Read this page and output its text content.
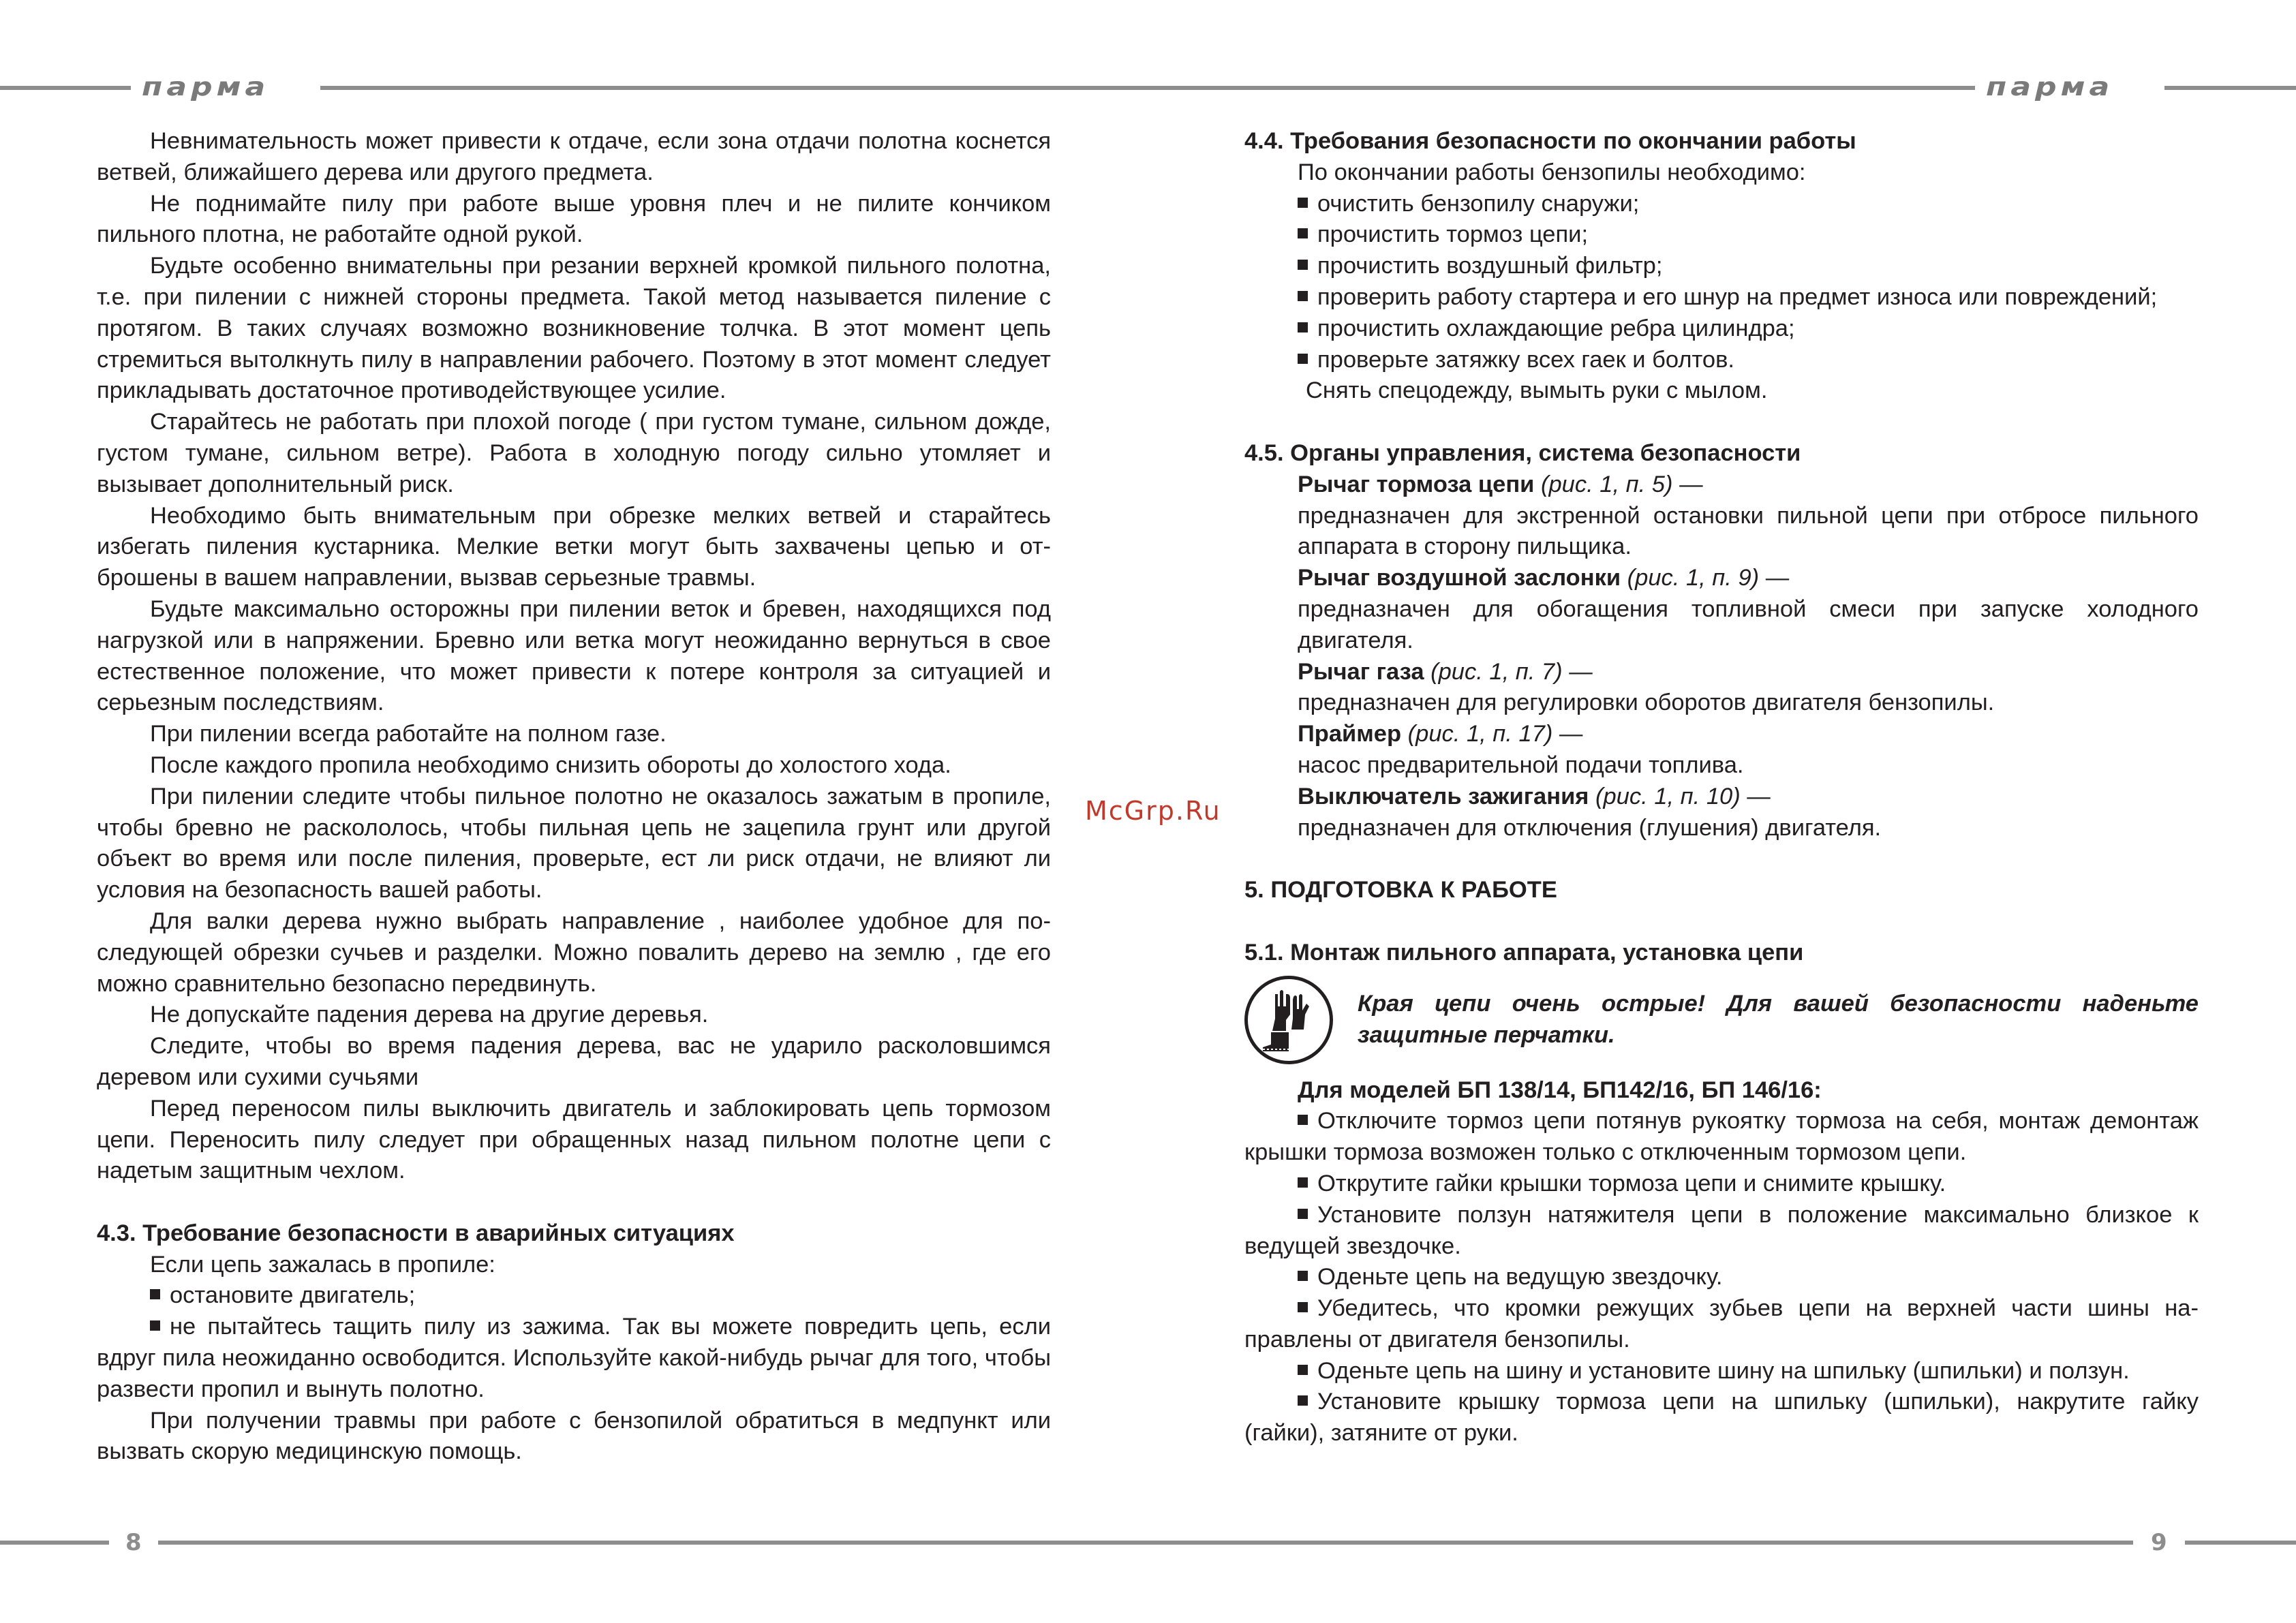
парма	парма
8	9
McGrp.Ru

Невнимательность может привести к отдаче, если зона отдачи полотна коснется ветвей, ближайшего дерева или другого предмета.

Не поднимайте пилу при работе выше уровня плеч и не пилите кончиком пильного плотна, не работайте одной рукой.

Будьте особенно внимательны при резании верхней кромкой пильного полотна, т.е. при пилении с нижней стороны предмета. Такой метод называется пиление с протягом. В таких случаях возможно возникновение толчка. В этот момент цепь стремиться вытолкнуть пилу в направлении рабочего. Поэтому в этот момент следует прикладывать достаточное противодействующее усилие.

Старайтесь не работать при плохой погоде ( при густом тумане, сильном дожде, густом тумане, сильном ветре). Работа в холодную погоду сильно утомляет и вызывает дополнительный риск.

Необходимо быть внимательным при обрезке мелких ветвей и старайтесь избегать пиления кустарника. Мелкие ветки могут быть захвачены цепью и отброшены в вашем направлении, вызвав серьезные травмы.

Будьте максимально осторожны при пилении веток и бревен, находящихся под нагрузкой или в напряжении. Бревно или ветка могут неожиданно вернуться в свое естественное положение, что может привести к потере контроля за ситуацией и серьезным последствиям.

При пилении всегда работайте на полном газе.

После каждого пропила необходимо снизить обороты до холостого хода.

При пилении следите чтобы пильное полотно не оказалось зажатым в пропиле, чтобы бревно не раскололось, чтобы пильная цепь не зацепила грунт или другой объект во время или после пиления, проверьте, ест ли риск отдачи, не влияют ли условия на безопасность вашей работы.

Для валки дерева нужно выбрать направление , наиболее удобное для последующей обрезки сучьев и разделки. Можно повалить дерево на землю , где его можно сравнительно безопасно передвинуть.

Не допускайте падения дерева на другие деревья.

Следите, чтобы во время падения дерева, вас не ударило расколовшимся деревом или сухими сучьями

Перед переносом пилы выключить двигатель и заблокировать цепь тормозом цепи. Переносить пилу следует при обращенных назад пильном полотне цепи с надетым защитным чехлом.

4.3. Требование безопасности в аварийных ситуациях

Если цепь зажалась в пропиле:

остановите двигатель;

не пытайтесь тащить пилу из зажима. Так вы можете повредить цепь, если вдруг пила неожиданно освободится. Используйте какой-нибудь рычаг для того, чтобы развести пропил и вынуть полотно.

При получении травмы при работе с бензопилой обратиться в медпункт или вызвать скорую медицинскую помощь.

4.4. Требования безопасности по окончании работы

По окончании работы бензопилы необходимо:

очистить бензопилу снаружи;

прочистить тормоз цепи;

прочистить воздушный фильтр;

проверить работу стартера и его шнур на предмет износа или повреждений;

прочистить охлаждающие ребра цилиндра;

проверьте затяжку всех гаек и болтов.

Снять спецодежду, вымыть руки с мылом.

4.5. Органы управления, система безопасности

Рычаг тормоза цепи (рис. 1, п. 5) —

предназначен для экстренной остановки пильной цепи при отбросе пильного аппарата в сторону пильщика.

Рычаг воздушной заслонки (рис. 1, п. 9) —

предназначен для обогащения топливной смеси при запуске холодного двигателя.

Рычаг газа (рис. 1, п. 7) —

предназначен для регулировки оборотов двигателя бензопилы.

Праймер (рис. 1, п. 17) —

насос предварительной подачи топлива.

Выключатель зажигания (рис. 1, п. 10) —

предназначен для отключения (глушения) двигателя.

5. ПОДГОТОВКА К РАБОТЕ

5.1. Монтаж пильного аппарата, установка цепи

Края цепи очень острые! Для вашей безопасности наденьте защитные перчатки.

Для моделей БП 138/14, БП142/16, БП 146/16:

Отключите тормоз цепи потянув рукоятку тормоза на себя, монтаж демонтаж крышки тормоза возможен только с отключенным тормозом цепи.

Открутите гайки крышки тормоза цепи и снимите крышку.

Установите ползун натяжителя цепи в положение максимально близкое к ведущей звездочке.

Оденьте цепь на ведущую звездочку.

Убедитесь, что кромки режущих зубьев цепи на верхней части шины направлены от двигателя бензопилы.

Оденьте цепь на шину и установите шину на шпильку (шпильки) и ползун.

Установите крышку тормоза цепи на шпильку (шпильки), накрутите гайку (гайки), затяните от руки.
